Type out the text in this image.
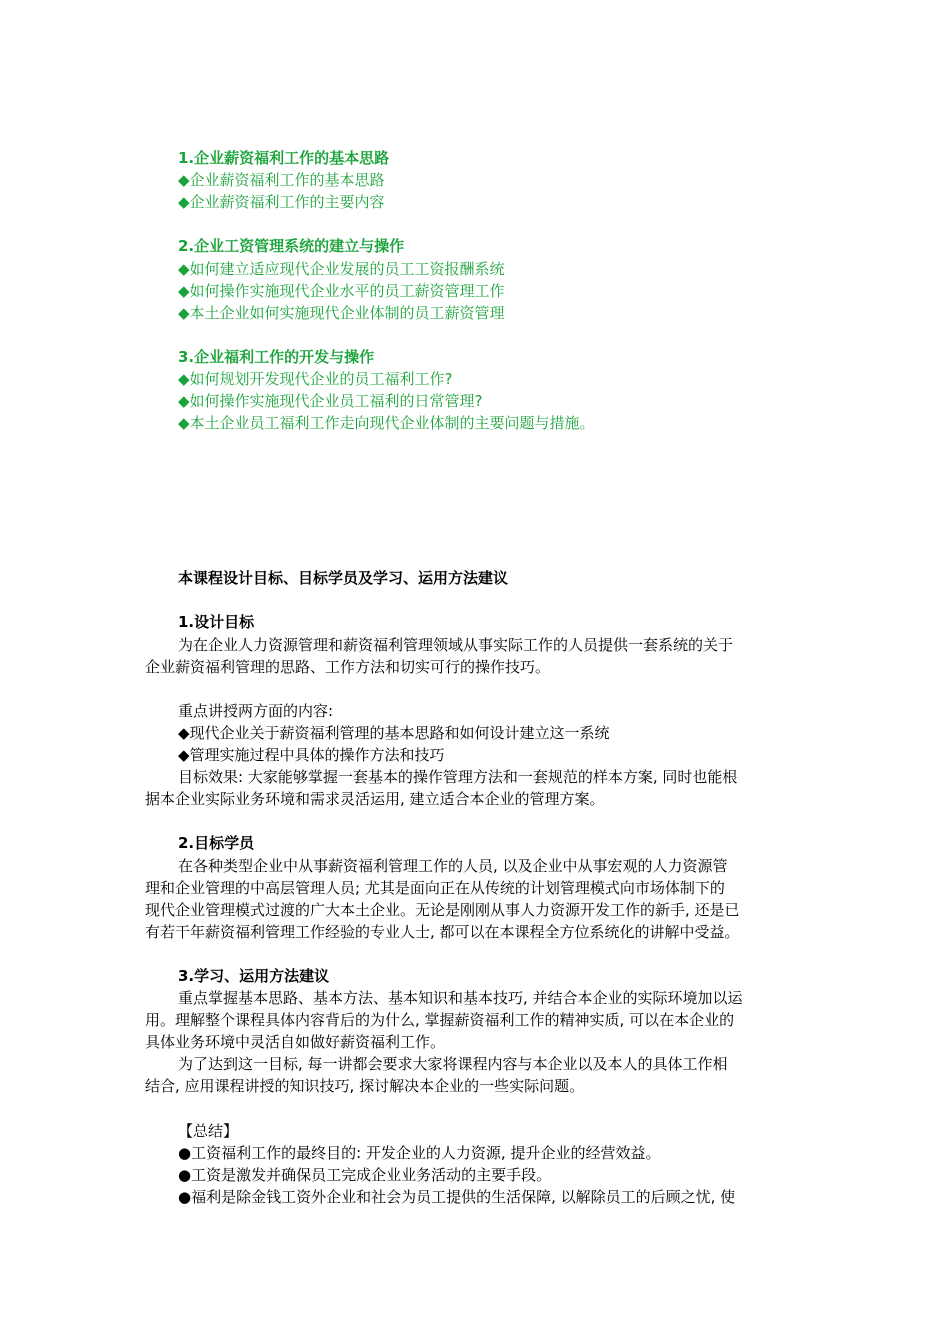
1.企业薪资福利工作的基本思路
◆企业薪资福利工作的基本思路
◆企业薪资福利工作的主要内容
2.企业工资管理系统的建立与操作
◆如何建立适应现代企业发展的员工工资报酬系统
◆如何操作实施现代企业水平的员工薪资管理工作
◆本土企业如何实施现代企业体制的员工薪资管理
3.企业福利工作的开发与操作
◆如何规划开发现代企业的员工福利工作?
◆如何操作实施现代企业员工福利的日常管理?
◆本土企业员工福利工作走向现代企业体制的主要问题与措施。
本课程设计目标、目标学员及学习、运用方法建议
1.设计目标
为在企业人力资源管理和薪资福利管理领域从事实际工作的人员提供一套系统的关于
企业薪资福利管理的思路、工作方法和切实可行的操作技巧。
重点讲授两方面的内容:
◆现代企业关于薪资福利管理的基本思路和如何设计建立这一系统
◆管理实施过程中具体的操作方法和技巧
目标效果: 大家能够掌握一套基本的操作管理方法和一套规范的样本方案, 同时也能根
据本企业实际业务环境和需求灵活运用, 建立适合本企业的管理方案。
2.目标学员
在各种类型企业中从事薪资福利管理工作的人员, 以及企业中从事宏观的人力资源管
理和企业管理的中高层管理人员; 尤其是面向正在从传统的计划管理模式向市场体制下的
现代企业管理模式过渡的广大本土企业。无论是刚刚从事人力资源开发工作的新手, 还是已
有若干年薪资福利管理工作经验的专业人士, 都可以在本课程全方位系统化的讲解中受益。
3.学习、运用方法建议
重点掌握基本思路、基本方法、基本知识和基本技巧, 并结合本企业的实际环境加以运
用。理解整个课程具体内容背后的为什么, 掌握薪资福利工作的精神实质, 可以在本企业的
具体业务环境中灵活自如做好薪资福利工作。
为了达到这一目标, 每一讲都会要求大家将课程内容与本企业以及本人的具体工作相
结合, 应用课程讲授的知识技巧, 探讨解决本企业的一些实际问题。
【总结】
●工资福利工作的最终目的: 开发企业的人力资源, 提升企业的经营效益。
●工资是激发并确保员工完成企业业务活动的主要手段。
●福利是除金钱工资外企业和社会为员工提供的生活保障, 以解除员工的后顾之忧, 使
